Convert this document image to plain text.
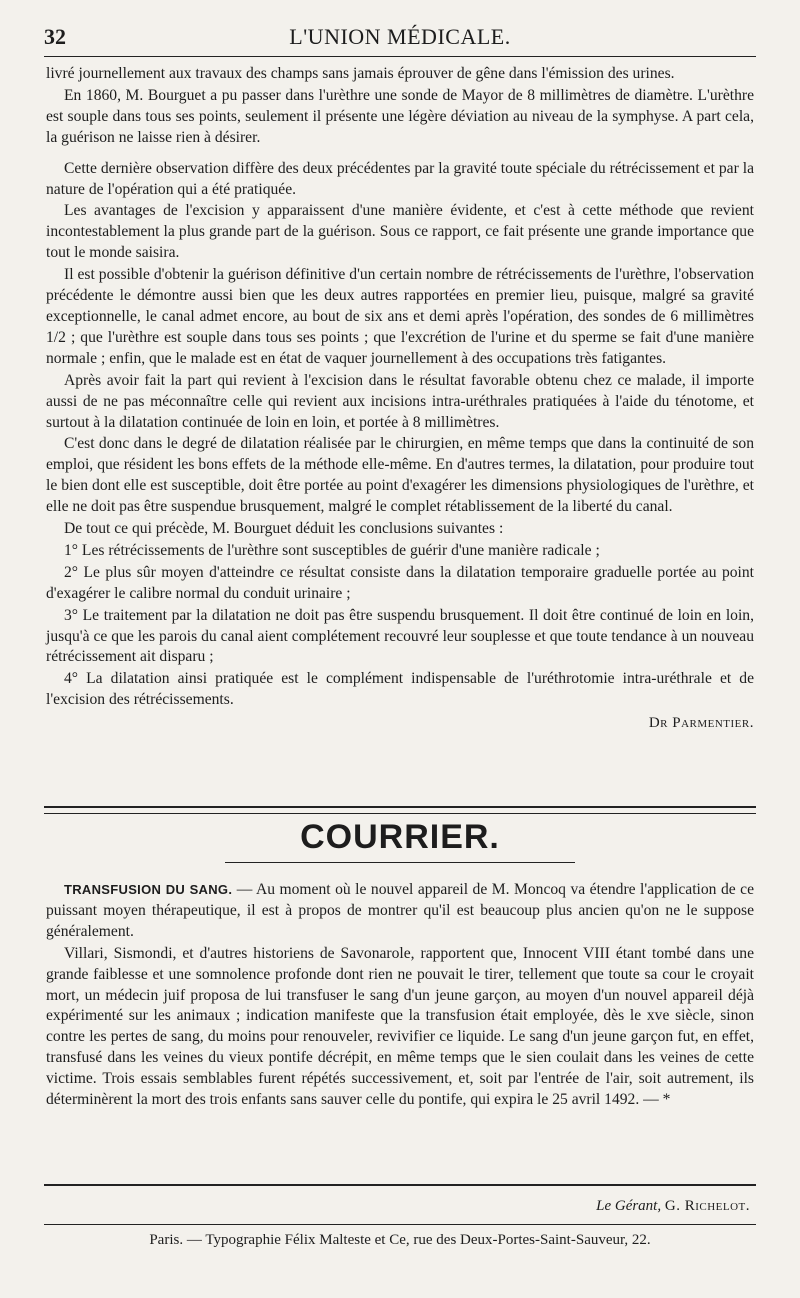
32	L'UNION MÉDICALE.

livré journellement aux travaux des champs sans jamais éprouver de gêne dans l'émission des urines.

En 1860, M. Bourguet a pu passer dans l'urèthre une sonde de Mayor de 8 millimètres de diamètre. L'urèthre est souple dans tous ses points, seulement il présente une légère déviation au niveau de la symphyse. A part cela, la guérison ne laisse rien à désirer.

Cette dernière observation diffère des deux précédentes par la gravité toute spéciale du rétrécissement et par la nature de l'opération qui a été pratiquée.

Les avantages de l'excision y apparaissent d'une manière évidente, et c'est à cette méthode que revient incontestablement la plus grande part de la guérison. Sous ce rapport, ce fait présente une grande importance que tout le monde saisira.

Il est possible d'obtenir la guérison définitive d'un certain nombre de rétrécissements de l'urèthre, l'observation précédente le démontre aussi bien que les deux autres rapportées en premier lieu, puisque, malgré sa gravité exceptionnelle, le canal admet encore, au bout de six ans et demi après l'opération, des sondes de 6 millimètres 1/2 ; que l'urèthre est souple dans tous ses points ; que l'excrétion de l'urine et du sperme se fait d'une manière normale ; enfin, que le malade est en état de vaquer journellement à des occupations très fatigantes.

Après avoir fait la part qui revient à l'excision dans le résultat favorable obtenu chez ce malade, il importe aussi de ne pas méconnaître celle qui revient aux incisions intra-uréthrales pratiquées à l'aide du ténotome, et surtout à la dilatation continuée de loin en loin, et portée à 8 millimètres.

C'est donc dans le degré de dilatation réalisée par le chirurgien, en même temps que dans la continuité de son emploi, que résident les bons effets de la méthode elle-même. En d'autres termes, la dilatation, pour produire tout le bien dont elle est susceptible, doit être portée au point d'exagérer les dimensions physiologiques de l'urèthre, et elle ne doit pas être suspendue brusquement, malgré le complet rétablissement de la liberté du canal.

De tout ce qui précède, M. Bourguet déduit les conclusions suivantes :

1° Les rétrécissements de l'urèthre sont susceptibles de guérir d'une manière radicale ;

2° Le plus sûr moyen d'atteindre ce résultat consiste dans la dilatation temporaire graduelle portée au point d'exagérer le calibre normal du conduit urinaire ;

3° Le traitement par la dilatation ne doit pas être suspendu brusquement. Il doit être continué de loin en loin, jusqu'à ce que les parois du canal aient complétement recouvré leur souplesse et que toute tendance à un nouveau rétrécissement ait disparu ;

4° La dilatation ainsi pratiquée est le complément indispensable de l'uréthrotomie intra-uréthrale et de l'excision des rétrécissements.

Dr Parmentier.
COURRIER.

TRANSFUSION DU SANG. — Au moment où le nouvel appareil de M. Moncoq va étendre l'application de ce puissant moyen thérapeutique, il est à propos de montrer qu'il est beaucoup plus ancien qu'on ne le suppose généralement.

Villari, Sismondi, et d'autres historiens de Savonarole, rapportent que, Innocent VIII étant tombé dans une grande faiblesse et une somnolence profonde dont rien ne pouvait le tirer, tellement que toute sa cour le croyait mort, un médecin juif proposa de lui transfuser le sang d'un jeune garçon, au moyen d'un nouvel appareil déjà expérimenté sur les animaux ; indication manifeste que la transfusion était employée, dès le xve siècle, sinon contre les pertes de sang, du moins pour renouveler, revivifier ce liquide. Le sang d'un jeune garçon fut, en effet, transfusé dans les veines du vieux pontife décrépit, en même temps que le sien coulait dans les veines de cette victime. Trois essais semblables furent répétés successivement, et, soit par l'entrée de l'air, soit autrement, ils déterminèrent la mort des trois enfants sans sauver celle du pontife, qui expira le 25 avril 1492. — *

Le Gérant, G. Richelot.
Paris. — Typographie Félix Malteste et Ce, rue des Deux-Portes-Saint-Sauveur, 22.
